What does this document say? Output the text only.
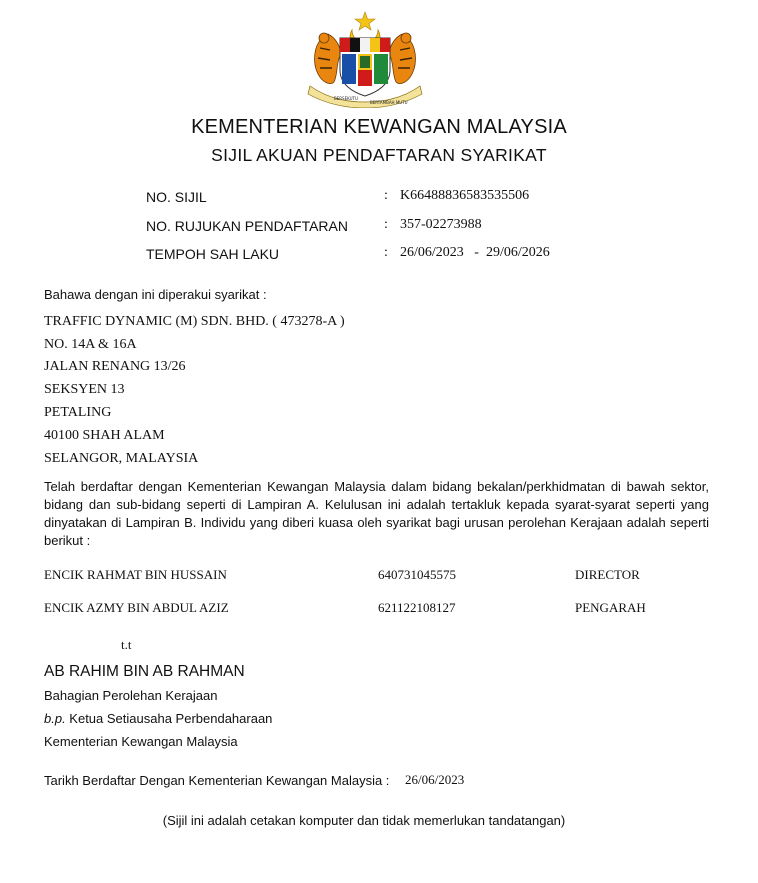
BERSEKUTU
BERTAMBAH MUTU
KEMENTERIAN KEWANGAN MALAYSIA
SIJIL AKUAN PENDAFTARAN SYARIKAT
NO. SIJIL	: K66488836583535506
NO. RUJUKAN PENDAFTARAN	: 357-02273988
TEMPOH SAH LAKU	: 26/06/2023   -  29/06/2026
Bahawa dengan ini diperakui syarikat :
TRAFFIC DYNAMIC (M) SDN. BHD. ( 473278-A )
NO. 14A & 16A
JALAN RENANG 13/26
SEKSYEN 13
PETALING
40100 SHAH ALAM
SELANGOR, MALAYSIA
Telah berdaftar dengan Kementerian Kewangan Malaysia dalam bidang bekalan/perkhidmatan di bawah sektor, bidang dan sub-bidang seperti di Lampiran A. Kelulusan ini adalah tertakluk kepada syarat-syarat seperti yang dinyatakan di Lampiran B. Individu yang diberi kuasa oleh syarikat bagi urusan perolehan Kerajaan adalah seperti berikut :
ENCIK RAHMAT BIN HUSSAIN	640731045575	DIRECTOR
ENCIK AZMY BIN ABDUL AZIZ	621122108127	PENGARAH
t.t
AB RAHIM BIN AB RAHMAN
Bahagian Perolehan Kerajaan
b.p. Ketua Setiausaha Perbendaharaan
Kementerian Kewangan Malaysia
Tarikh Berdaftar Dengan Kementerian Kewangan Malaysia : 26/06/2023
(Sijil ini adalah cetakan komputer dan tidak memerlukan tandatangan)
